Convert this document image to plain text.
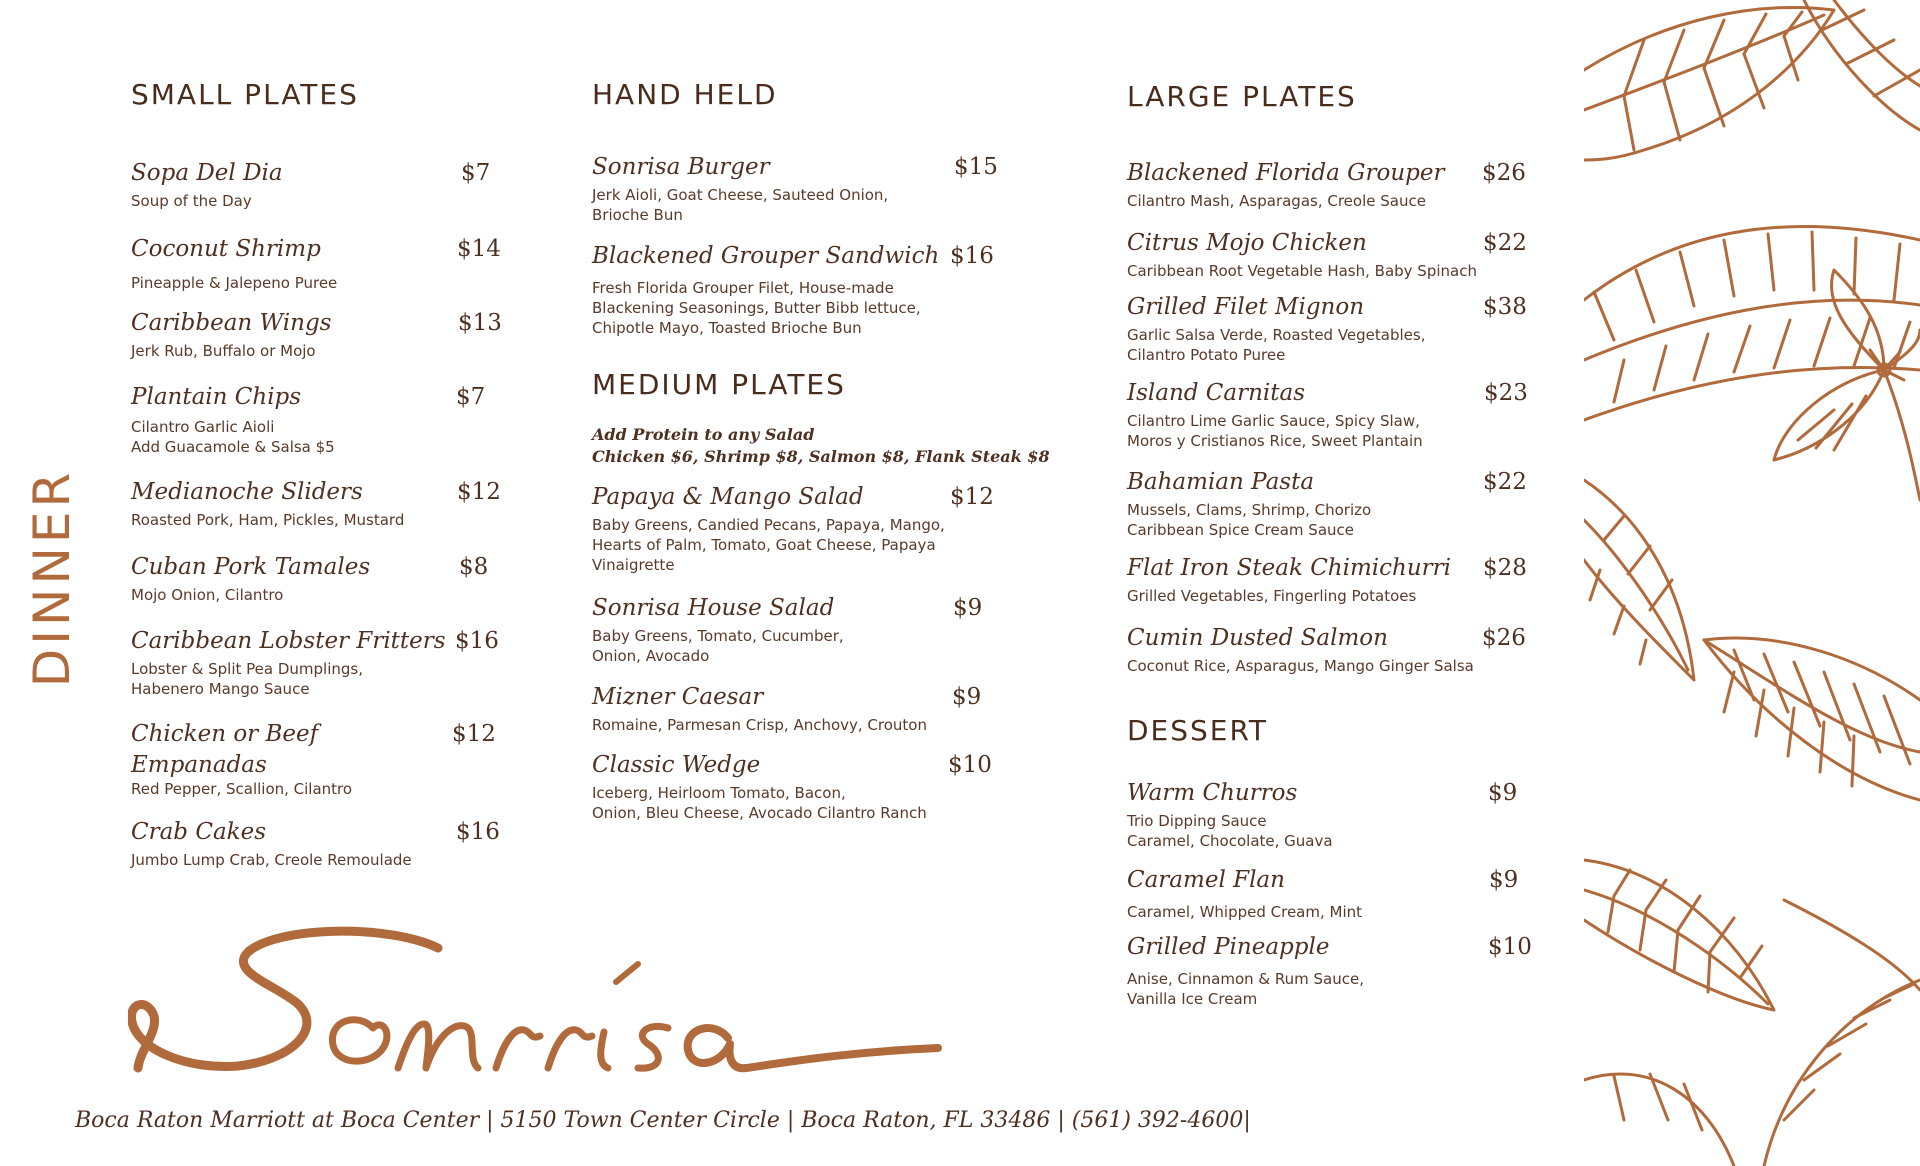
DINNER
SMALL PLATES
Sopa Del Dia	$7
Soup of the Day
Coconut Shrimp	$14
Pineapple & Jalepeno Puree
Caribbean Wings	$13
Jerk Rub, Buffalo or Mojo
Plantain Chips	$7
Cilantro Garlic Aioli
Add Guacamole & Salsa $5
Medianoche Sliders	$12
Roasted Pork, Ham, Pickles, Mustard
Cuban Pork Tamales	$8
Mojo Onion, Cilantro
Caribbean Lobster Fritters $16
Lobster & Split Pea Dumplings,
Habenero Mango Sauce
Chicken or Beef Empanadas
$12
Red Pepper, Scallion, Cilantro
Crab Cakes	$16
Jumbo Lump Crab, Creole Remoulade
HAND HELD
Sonrisa Burger	$15
Jerk Aioli, Goat Cheese, Sauteed Onion,
Brioche Bun
Blackened Grouper Sandwich $16
Fresh Florida Grouper Filet, House-made
Blackening Seasonings, Butter Bibb lettuce,
Chipotle Mayo, Toasted Brioche Bun
MEDIUM PLATES
Add Protein to any Salad
Chicken $6, Shrimp $8, Salmon $8, Flank Steak $8
Papaya & Mango Salad	$12
Baby Greens, Candied Pecans, Papaya, Mango,
Hearts of Palm, Tomato, Goat Cheese, Papaya
Vinaigrette
Sonrisa House Salad	$9
Baby Greens, Tomato, Cucumber,
Onion, Avocado
Mizner Caesar	$9
Romaine, Parmesan Crisp, Anchovy, Crouton
Classic Wedge	$10
Iceberg, Heirloom Tomato, Bacon,
Onion, Bleu Cheese, Avocado Cilantro Ranch
LARGE PLATES
Blackened Florida Grouper	$26
Cilantro Mash, Asparagas, Creole Sauce
Citrus Mojo Chicken	$22
Caribbean Root Vegetable Hash, Baby Spinach
Grilled Filet Mignon	$38
Garlic Salsa Verde, Roasted Vegetables,
Cilantro Potato Puree
Island Carnitas	$23
Cilantro Lime Garlic Sauce, Spicy Slaw,
Moros y Cristianos Rice, Sweet Plantain
Bahamian Pasta	$22
Mussels, Clams, Shrimp, Chorizo
Caribbean Spice Cream Sauce
Flat Iron Steak Chimichurri	$28
Grilled Vegetables, Fingerling Potatoes
Cumin Dusted Salmon	$26
Coconut Rice, Asparagus, Mango Ginger Salsa
DESSERT
Warm Churros	$9
Trio Dipping Sauce
Caramel, Chocolate, Guava
Caramel Flan	$9
Caramel, Whipped Cream, Mint
Grilled Pineapple	$10
Anise, Cinnamon & Rum Sauce,
Vanilla Ice Cream
Boca Raton Marriott at Boca Center | 5150 Town Center Circle | Boca Raton, FL 33486 | (561) 392-4600|
